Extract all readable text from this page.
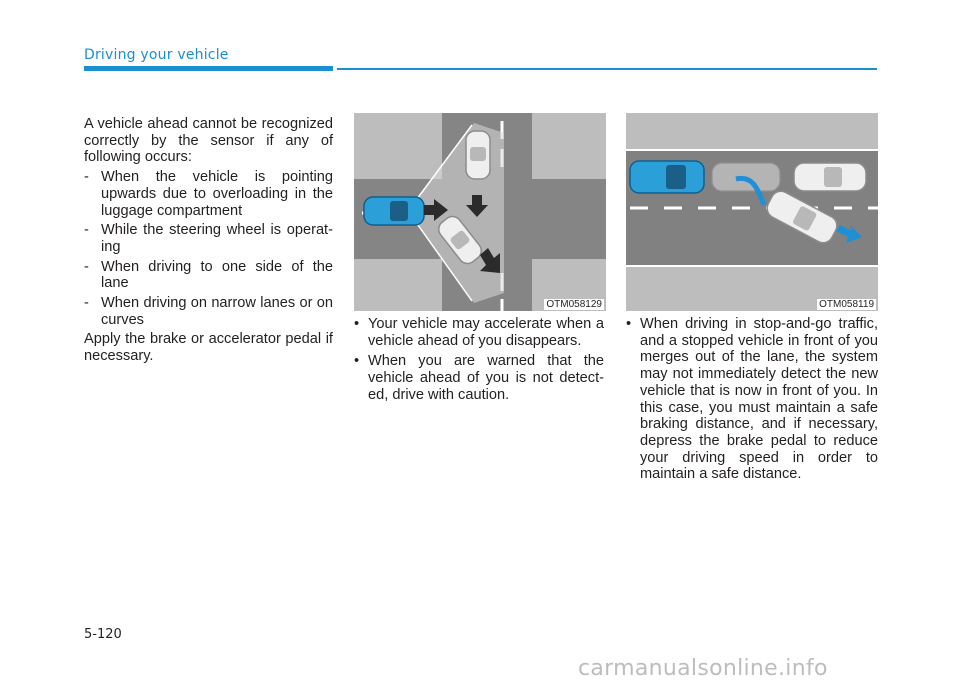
Driving your vehicle

A vehicle ahead cannot be recognized correctly by the sensor if any of following occurs:

- When the vehicle is pointing upwards due to overloading in the luggage compartment
- While the steering wheel is operating
- When driving to one side of the lane
- When driving on narrow lanes or on curves

Apply the brake or accelerator pedal if necessary.

OTM058129	OTM058119
• Your vehicle may accelerate when a vehicle ahead of you disappears.
• When you are warned that the vehicle ahead of you is not detected, drive with caution.
• When driving in stop-and-go traffic, and a stopped vehicle in front of you merges out of the lane, the system may not immediately detect the new vehicle that is now in front of you. In this case, you must maintain a safe braking distance, and if necessary, depress the brake pedal to reduce your driving speed in order to maintain a safe distance.
5-120
carmanualsonline.info
